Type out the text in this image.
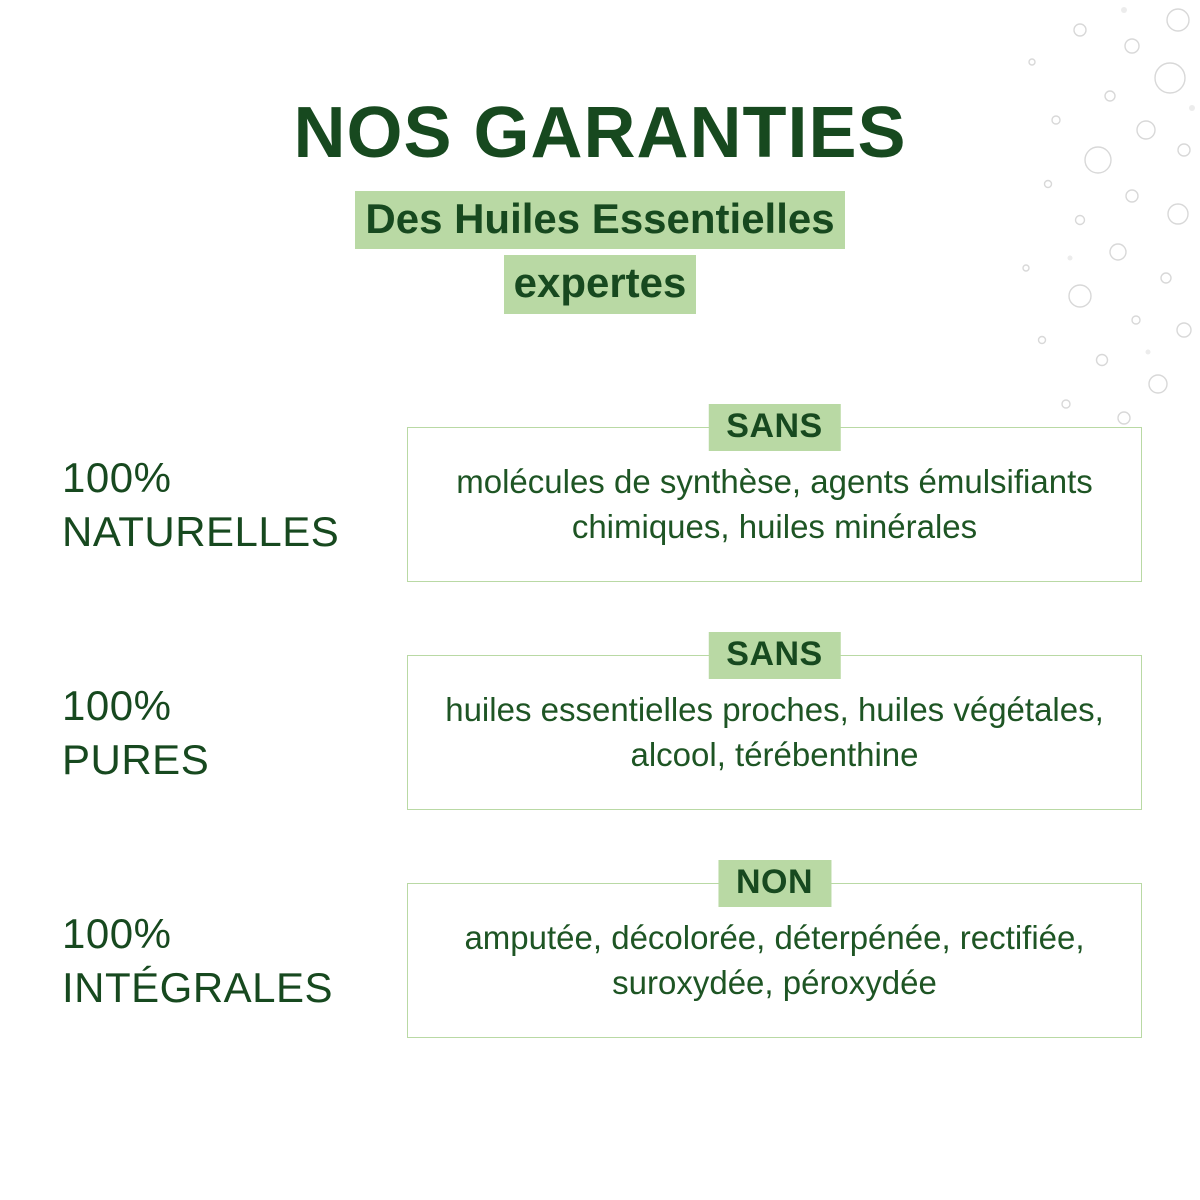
NOS GARANTIES
Des Huiles Essentielles
expertes
100%
NATURELLES
SANS
molécules de synthèse, agents émulsifiants chimiques, huiles minérales
100%
PURES
SANS
huiles essentielles proches, huiles végétales, alcool, térébenthine
100%
INTÉGRALES
NON
amputée, décolorée, déterpénée, rectifiée, suroxydée, péroxydée
